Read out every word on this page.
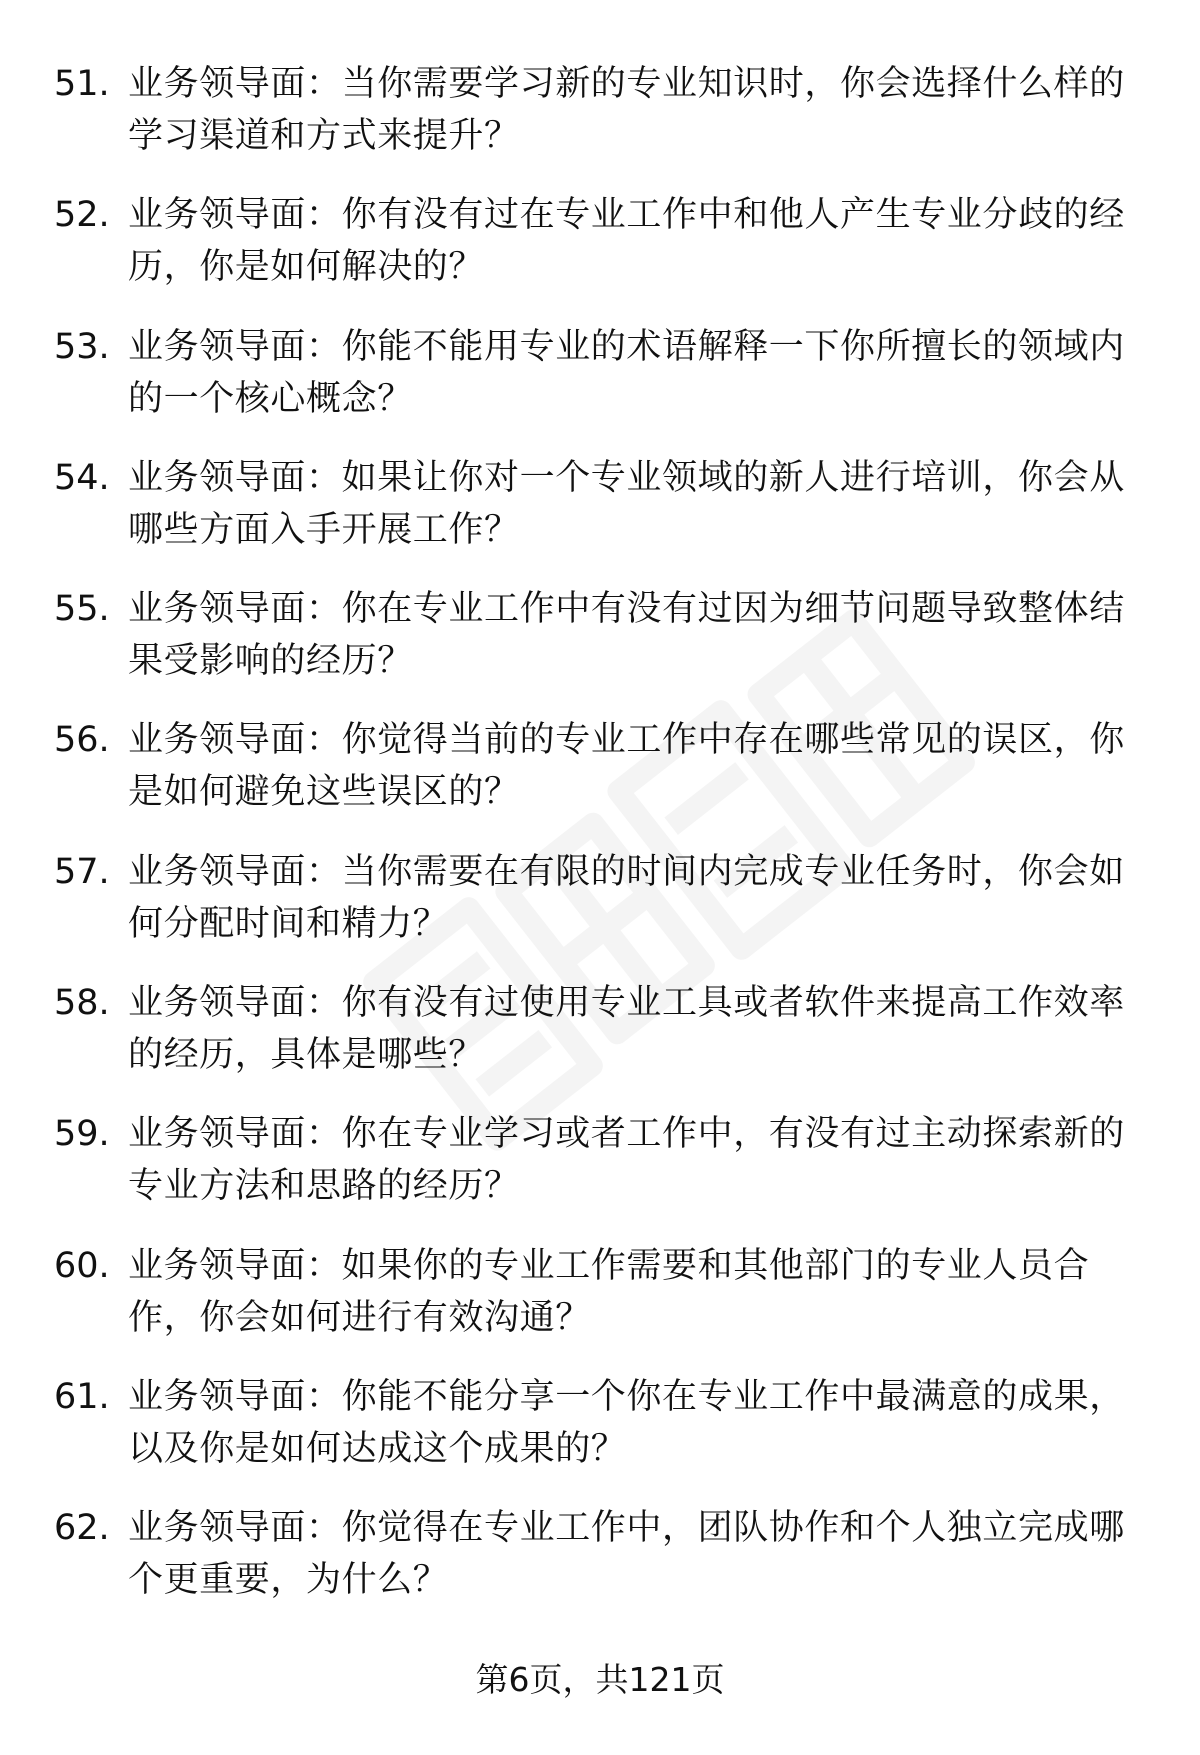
51. 业务领导面：当你需要学习新的专业知识时，你会选择什么样的学习渠道和方式来提升？
52. 业务领导面：你有没有过在专业工作中和他人产生专业分歧的经历，你是如何解决的？
53. 业务领导面：你能不能用专业的术语解释一下你所擅长的领域内的一个核心概念？
54. 业务领导面：如果让你对一个专业领域的新人进行培训，你会从哪些方面入手开展工作？
55. 业务领导面：你在专业工作中有没有过因为细节问题导致整体结果受影响的经历？
56. 业务领导面：你觉得当前的专业工作中存在哪些常见的误区，你是如何避免这些误区的？
57. 业务领导面：当你需要在有限的时间内完成专业任务时，你会如何分配时间和精力？
58. 业务领导面：你有没有过使用专业工具或者软件来提高工作效率的经历，具体是哪些？
59. 业务领导面：你在专业学习或者工作中，有没有过主动探索新的专业方法和思路的经历？
60. 业务领导面：如果你的专业工作需要和其他部门的专业人员合作，你会如何进行有效沟通？
61. 业务领导面：你能不能分享一个你在专业工作中最满意的成果，以及你是如何达成这个成果的？
62. 业务领导面：你觉得在专业工作中，团队协作和个人独立完成哪个更重要，为什么？
第6页，共121页
